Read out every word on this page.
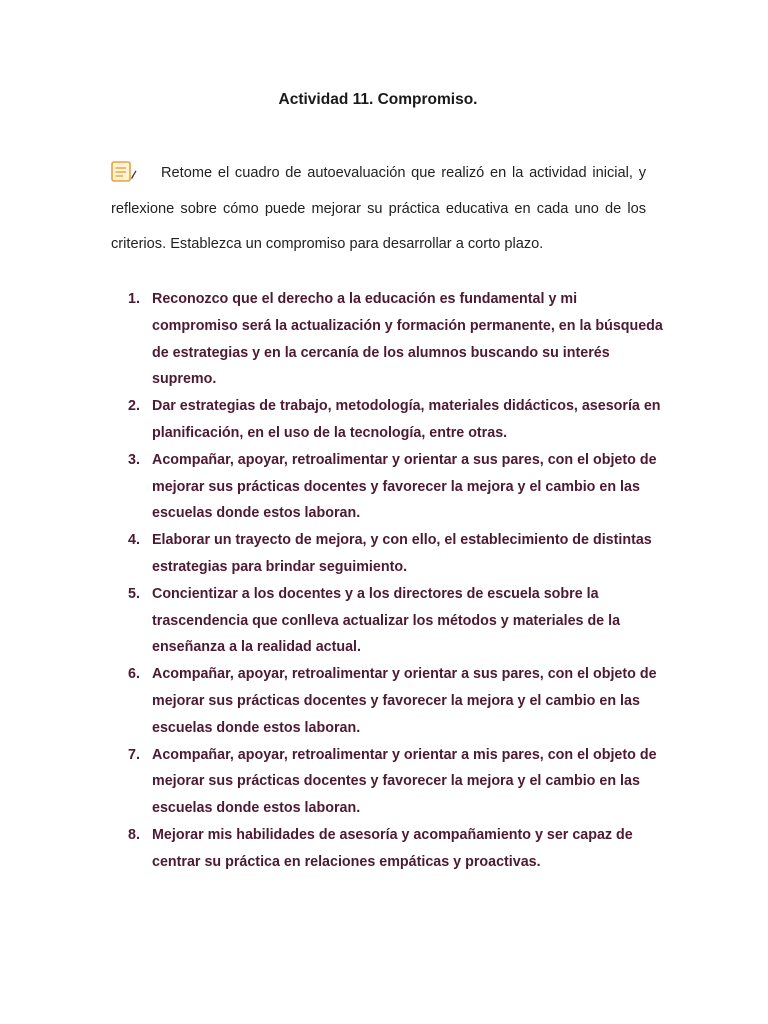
Actividad 11. Compromiso.

Retome el cuadro de autoevaluación que realizó en la actividad inicial, y reflexione sobre cómo puede mejorar su práctica educativa en cada uno de los criterios. Establezca un compromiso para desarrollar a corto plazo.

1. Reconozco que el derecho a la educación es fundamental y mi compromiso será la actualización y formación permanente, en la búsqueda de estrategias y en la cercanía de los alumnos buscando su interés supremo.
2. Dar estrategias de trabajo, metodología, materiales didácticos, asesoría en planificación, en el uso de la tecnología, entre otras.
3. Acompañar, apoyar, retroalimentar y orientar a sus pares, con el objeto de mejorar sus prácticas docentes y favorecer la mejora y el cambio en las escuelas donde estos laboran.
4. Elaborar un trayecto de mejora, y con ello, el establecimiento de distintas estrategias para brindar seguimiento.
5. Concientizar a los docentes y a los directores de escuela sobre la trascendencia que conlleva actualizar los métodos y materiales de la enseñanza a la realidad actual.
6. Acompañar, apoyar, retroalimentar y orientar a sus pares, con el objeto de mejorar sus prácticas docentes y favorecer la mejora y el cambio en las escuelas donde estos laboran.
7. Acompañar, apoyar, retroalimentar y orientar a mis pares, con el objeto de mejorar sus prácticas docentes y favorecer la mejora y el cambio en las escuelas donde estos laboran.
8. Mejorar mis habilidades de asesoría y acompañamiento y ser capaz de centrar su práctica en relaciones empáticas y proactivas.
